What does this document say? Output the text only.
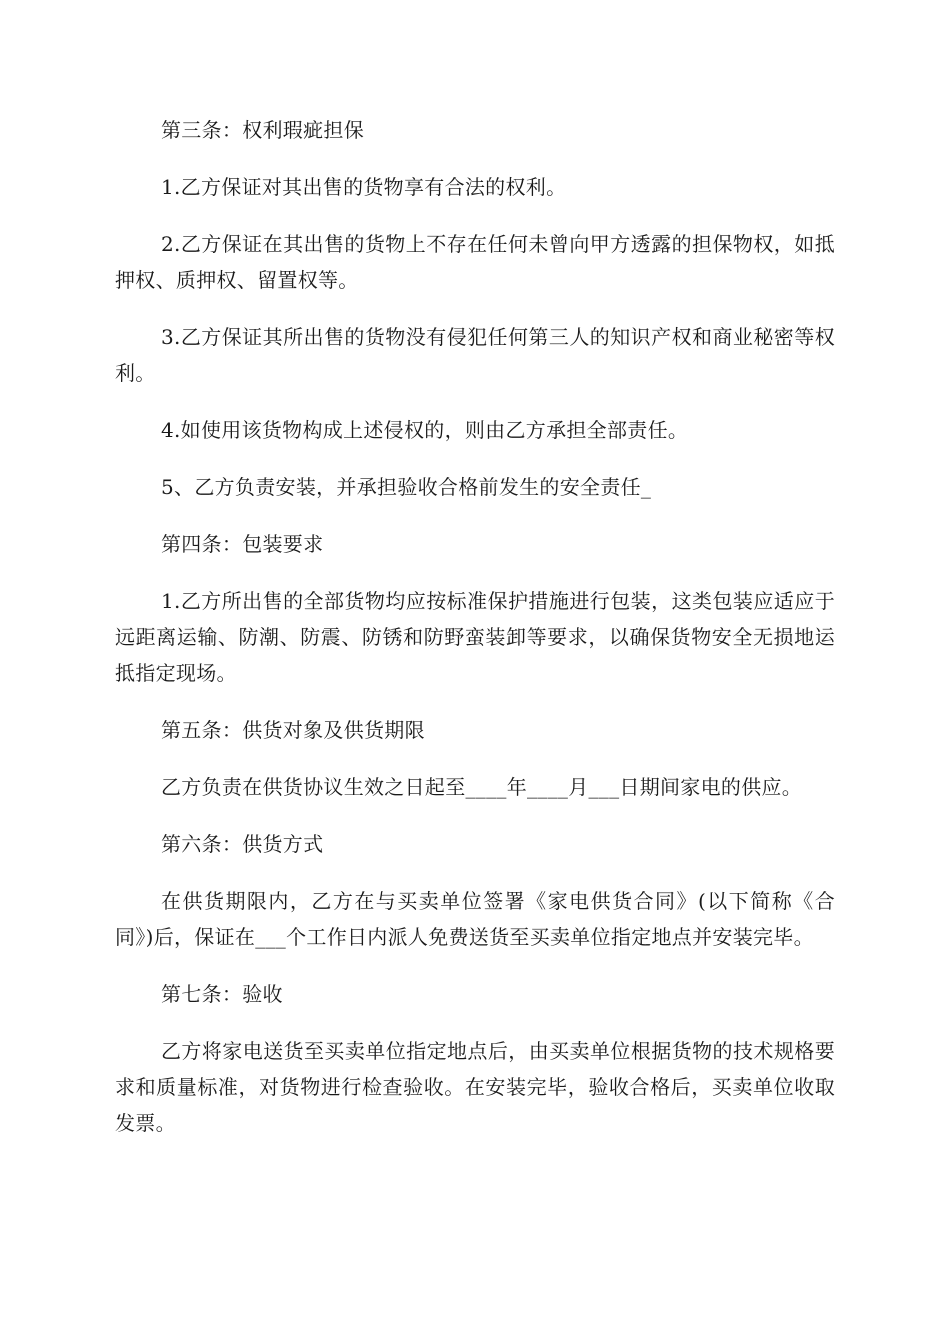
第三条：权利瑕疵担保

1.乙方保证对其出售的货物享有合法的权利。

2.乙方保证在其出售的货物上不存在任何未曾向甲方透露的担保物权，如抵押权、质押权、留置权等。

3.乙方保证其所出售的货物没有侵犯任何第三人的知识产权和商业秘密等权利。

4.如使用该货物构成上述侵权的，则由乙方承担全部责任。

5、乙方负责安装，并承担验收合格前发生的安全责任_

第四条：包装要求

1.乙方所出售的全部货物均应按标准保护措施进行包装，这类包装应适应于远距离运输、防潮、防震、防锈和防野蛮装卸等要求，以确保货物安全无损地运抵指定现场。

第五条：供货对象及供货期限

乙方负责在供货协议生效之日起至____年____月___日期间家电的供应。

第六条：供货方式

在供货期限内，乙方在与买卖单位签署《家电供货合同》(以下简称《合同》)后，保证在___个工作日内派人免费送货至买卖单位指定地点并安装完毕。

第七条：验收

乙方将家电送货至买卖单位指定地点后，由买卖单位根据货物的技术规格要求和质量标准，对货物进行检查验收。在安装完毕，验收合格后，买卖单位收取发票。
